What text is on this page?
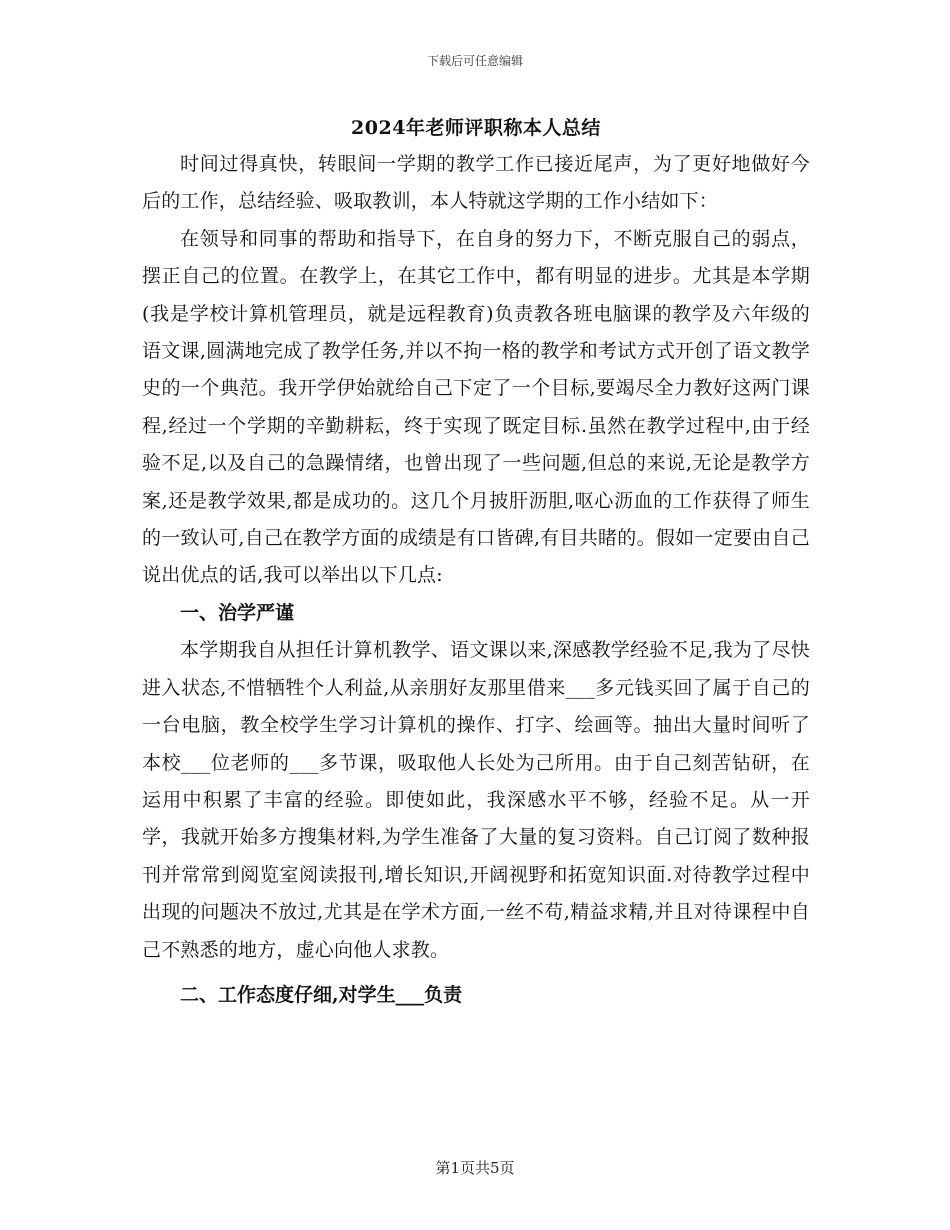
下载后可任意编辑
2024年老师评职称本人总结

时间过得真快，转眼间一学期的教学工作已接近尾声，为了更好地做好今后的工作，总结经验、吸取教训，本人特就这学期的工作小结如下：

在领导和同事的帮助和指导下，在自身的努力下，不断克服自己的弱点，摆正自己的位置。在教学上，在其它工作中，都有明显的进步。尤其是本学期(我是学校计算机管理员，就是远程教育)负责教各班电脑课的教学及六年级的语文课,圆满地完成了教学任务,并以不拘一格的教学和考试方式开创了语文教学史的一个典范。我开学伊始就给自己下定了一个目标,要竭尽全力教好这两门课程,经过一个学期的辛勤耕耘，终于实现了既定目标.虽然在教学过程中,由于经验不足,以及自己的急躁情绪，也曾出现了一些问题,但总的来说,无论是教学方案,还是教学效果,都是成功的。这几个月披肝沥胆,呕心沥血的工作获得了师生的一致认可,自己在教学方面的成绩是有口皆碑,有目共睹的。假如一定要由自己说出优点的话,我可以举出以下几点:

一、治学严谨

本学期我自从担任计算机教学、语文课以来,深感教学经验不足,我为了尽快进入状态,不惜牺牲个人利益,从亲朋好友那里借来___多元钱买回了属于自己的一台电脑，教全校学生学习计算机的操作、打字、绘画等。抽出大量时间听了本校___位老师的___多节课，吸取他人长处为己所用。由于自己刻苦钻研，在运用中积累了丰富的经验。即使如此，我深感水平不够，经验不足。从一开学，我就开始多方搜集材料,为学生准备了大量的复习资料。自己订阅了数种报刊并常常到阅览室阅读报刊,增长知识,开阔视野和拓宽知识面.对待教学过程中出现的问题决不放过,尤其是在学术方面,一丝不苟,精益求精,并且对待课程中自己不熟悉的地方，虚心向他人求教。

二、工作态度仔细,对学生___负责

第1页共5页
